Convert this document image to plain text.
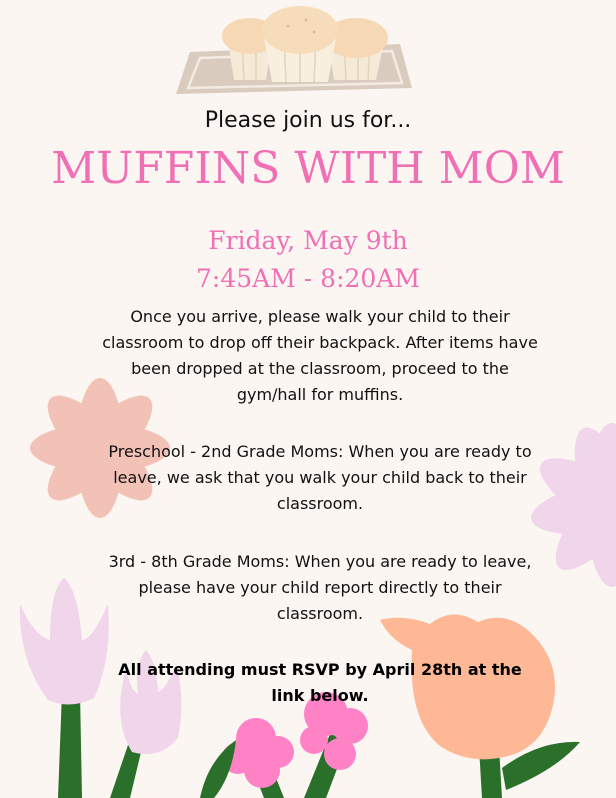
Please join us for...
MUFFINS WITH MOM
Friday, May 9th
7:45AM - 8:20AM
Once you arrive, please walk your child to their classroom to drop off their backpack. After items have been dropped at the classroom, proceed to the gym/hall for muffins.
Preschool - 2nd Grade Moms: When you are ready to leave, we ask that you walk your child back to their classroom.
3rd - 8th Grade Moms: When you are ready to leave, please have your child report directly to their classroom.
All attending must RSVP by April 28th at the link below.
